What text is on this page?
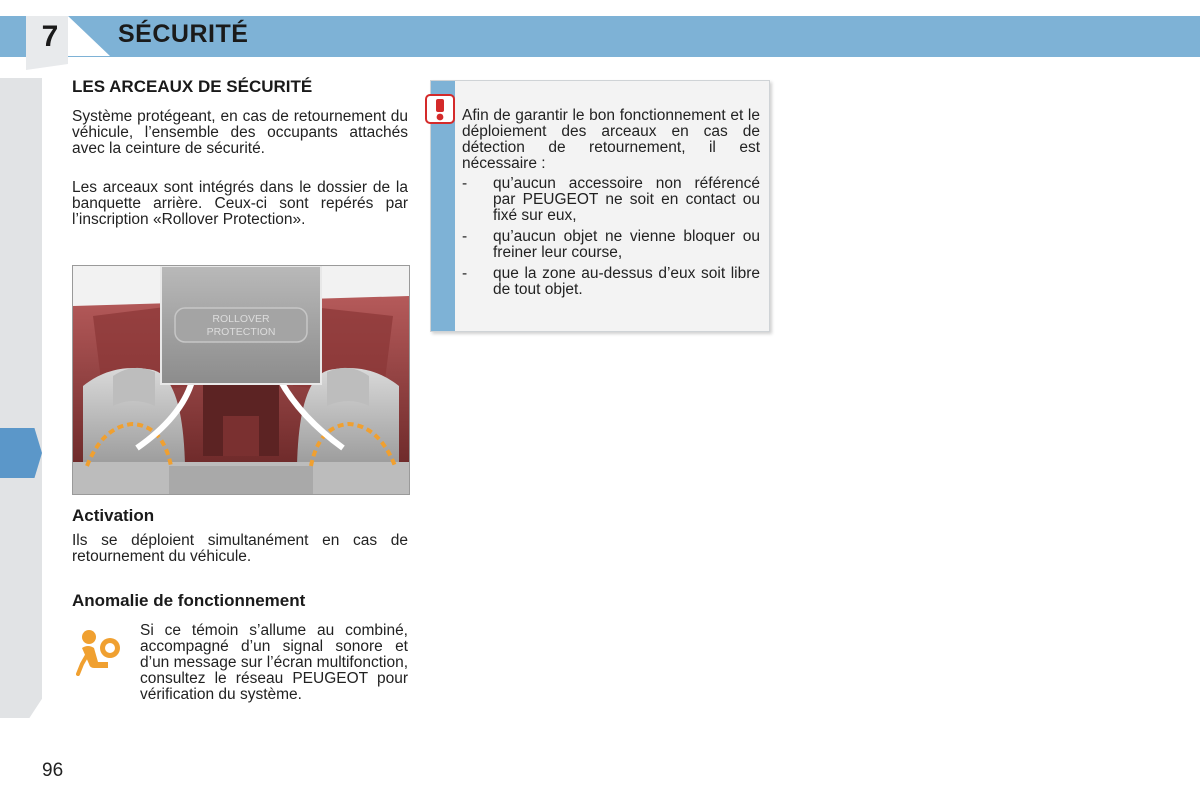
7	SÉCURITÉ
LES ARCEAUX DE SÉCURITÉ
Système protégeant, en cas de retournement du véhicule, l’ensemble des occupants attachés avec la ceinture de sécurité.
Les arceaux sont intégrés dans le dossier de la banquette arrière. Ceux-ci sont repérés par l’inscription «Rollover Protection».
ROLLOVER
PROTECTION
Activation
Ils se déploient simultanément en cas de retournement du véhicule.
Anomalie de fonctionnement
Si ce témoin s’allume au combiné, accompagné d’un signal sonore et d’un message sur l’écran multifonction, consultez le réseau PEUGEOT pour vérification du système.
Afin de garantir le bon fonctionnement et le déploiement des arceaux en cas de détection de retournement, il est nécessaire :
- qu’aucun accessoire non référencé par PEUGEOT ne soit en contact ou fixé sur eux,
- qu’aucun objet ne vienne bloquer ou freiner leur course,
- que la zone au-dessus d’eux soit libre de tout objet.
96
